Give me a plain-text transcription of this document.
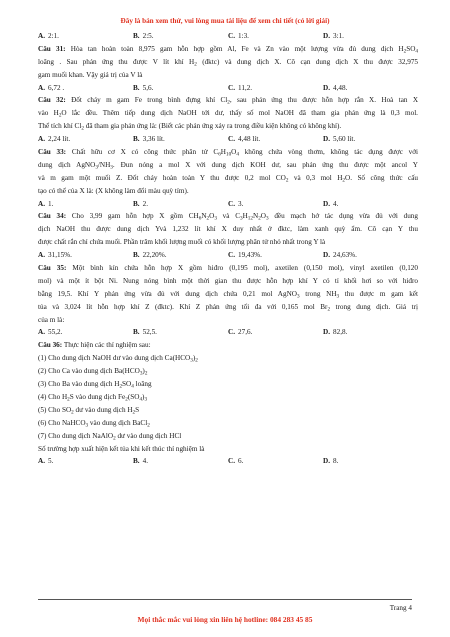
Đây là bản xem thử, vui lòng mua tài liệu để xem chi tiết (có lời giải)
A. 2:1.	B. 2:5.	C. 1:3.	D. 3:1.
Câu 31: Hòa tan hoàn toàn 8,975 gam hỗn hợp gồm Al, Fe và Zn vào một lượng vừa đủ dung dịch $H_2SO_4$
loãng . Sau phản ứng thu được V lít khí $H_2$ (đktc) và dung dịch X. Cô cạn dung dịch X thu được 32,975
gam muối khan. Vậy giá trị của V là
A. 6,72 .	B. 5,6.	C. 11,2.	D. 4,48.
Câu 32: Đốt cháy m gam Fe trong bình đựng khí $Cl_2$, sau phản ứng thu được hỗn hợp rắn X. Hoà tan X
vào $H_2O$ lắc đều. Thêm tiếp dung dịch NaOH tới dư, thấy số mol NaOH đã tham gia phản ứng là 0,3 mol.
Thể tích khí $Cl_2$ đã tham gia phản ứng là: (Biết các phản ứng xảy ra trong điều kiện không có không khí).
A. 2,24 lít.	B. 3,36 lít.	C. 4,48 lít.	D. 5,60 lít.
Câu 33: Chất hữu cơ X có công thức phân tử $C_6H_{10}O_4$ không chứa vòng thơm, không tác dụng được với
dung dịch $AgNO_3/NH_3$. Đun nóng a mol X với dung dịch KOH dư, sau phản ứng thu được một ancol Y
và m gam một muối Z. Đốt cháy hoàn toàn Y thu được 0,2 mol $CO_2$ và 0,3 mol $H_2O$. Số công thức cấu
tạo có thể của X là: (X không làm đổi màu quỳ tím).
A. 1.	B. 2.	C. 3.	D. 4.
Câu 34: Cho 3,99 gam hỗn hợp X gồm $CH_6N_2O_3$ và $C_3H_{12}N_2O_3$ đều mạch hở tác dụng vừa đủ với dung
dịch NaOH thu được dung dịch Yvà 1,232 lít khí X duy nhất ở đktc, làm xanh quỳ ẩm. Cô cạn Y thu
được chất rắn chỉ chứa muối. Phần trăm khối lượng muối có khối lượng phân tử nhỏ nhất trong Y là
A. 31,15%.	B. 22,20%.	C. 19,43%.	D. 24,63%.
Câu 35: Một bình kín chứa hỗn hợp X gồm hiđro (0,195 mol), axetilen (0,150 mol), vinyl axetilen (0,120
mol) và một ít bột Ni. Nung nóng bình một thời gian thu được hỗn hợp khí Y có tỉ khối hơi so với hiđro
bằng 19,5. Khí Y phản ứng vừa đủ với dung dịch chứa 0,21 mol AgNO$_3$ trong $NH_3$ thu được m gam kết
tủa và 3,024 lít hỗn hợp khí Z (đktc). Khí Z phản ứng tối đa với 0,165 mol $Br_2$ trong dung dịch. Giá trị
của m là:
A. 55,2.	B. 52,5.	C. 27,6.	D. 82,8.
Câu 36: Thực hiện các thí nghiệm sau:
(1) Cho dung dịch NaOH dư vào dung dịch $Ca(HCO_3)_2$
(2) Cho Ca vào dung dịch $Ba(HCO_3)_2$
(3) Cho Ba vào dung dịch $H_2SO_4$ loãng
(4) Cho $H_2S$ vào dung dịch $Fe_2(SO_4)_3$
(5) Cho $SO_2$ dư vào dung dịch $H_2S$
(6) Cho NaHCO$_3$ vào dung dịch BaCl$_2$
(7) Cho dung dịch NaAlO$_2$ dư vào dung dịch HCl
Số trường hợp xuất hiện kết tủa khi kết thúc thí nghiệm là
A. 5.	B. 4.	C. 6.	D. 8.
Trang 4
Mọi thắc mắc vui lòng xin liên hệ hotline: 084 283 45 85
